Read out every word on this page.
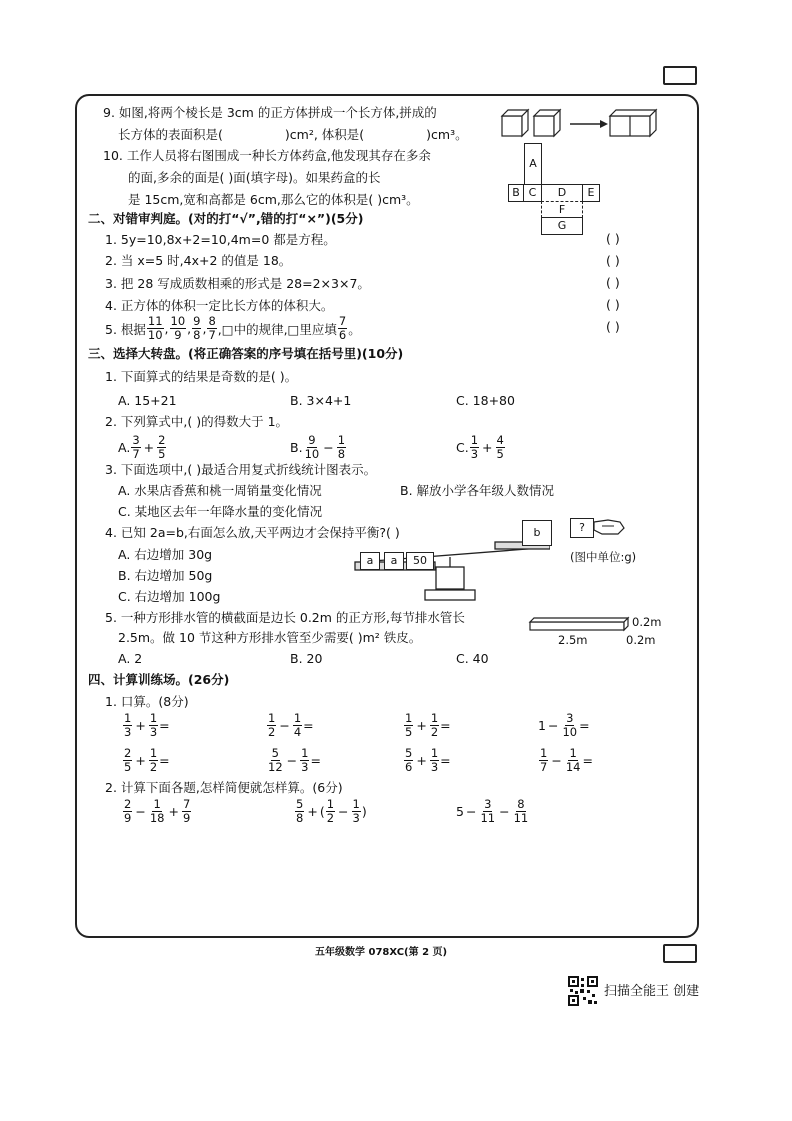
9. 如图,将两个棱长是 3cm 的正方体拼成一个长方体,拼成的
长方体的表面积是(	)cm², 体积是(	)cm³。
10. 工作人员将右图围成一种长方体药盒,他发现其存在多余
的面,多余的面是( )面(填字母)。如果药盒的长
是 15cm,宽和高都是 6cm,那么它的体积是( )cm³。
A
B C	D	E
F
G
二、对错审判庭。(对的打“√”,错的打“×”)(5分)
1. 5y=10,8x+2=10,4m=0 都是方程。
2. 当 x=5 时,4x+2 的值是 18。
3. 把 28 写成质数相乘的形式是 28=2×3×7。
4. 正方体的体积一定比长方体的体积大。
5. 根据 $\frac{11}{10}$ , $\frac{10}{9}$ , $\frac{9}{8}$ , $\frac{8}{7}$ ,□中的规律,□里应填 $\frac{7}{6}$ 。
( )
( )
( )
( )
( )
三、选择大转盘。(将正确答案的序号填在括号里)(10分)
1. 下面算式的结果是奇数的是( )。
A. 15+21	B. 3×4+1	C. 18+80
2. 下列算式中,( )的得数大于 1。
A. $\frac{3}{7} + \frac{2}{5}$	B. $\frac{9}{10} - \frac{1}{8}$	C. $\frac{1}{3} + \frac{4}{5}$
3. 下面选项中,( )最适合用复式折线统计图表示。
A. 水果店香蕉和桃一周销量变化情况	B. 解放小学各年级人数情况
C. 某地区去年一年降水量的变化情况
4. 已知 2a=b,右面怎么放,天平两边才会保持平衡?( )
A. 右边增加 30g
B. 右边增加 50g
C. 右边增加 100g
a	a	50
b	?
(图中单位:g)
5. 一种方形排水管的横截面是边长 0.2m 的正方形,每节排水管长
2.5m。做 10 节这种方形排水管至少需要( )m² 铁皮。
A. 2	B. 20	C. 40
0.2m
2.5m	0.2m
四、计算训练场。(26分)
1. 口算。(8分)
$\frac{1}{3} + \frac{1}{3}$ =	$\frac{1}{2} - \frac{1}{4}$ =	$\frac{1}{5} + \frac{1}{2}$ =	$1 - \frac{3}{10}$ =
$\frac{2}{5} + \frac{1}{2}$ =	$\frac{5}{12} - \frac{1}{3}$ =	$\frac{5}{6} + \frac{1}{3}$ =	$\frac{1}{7} - \frac{1}{14}$ =
2. 计算下面各题,怎样简便就怎样算。(6分)
$\frac{2}{9} - \frac{1}{18} + \frac{7}{9}$	$\frac{5}{8}$ + ( $\frac{1}{2} - \frac{1}{3}$ )	$5 - \frac{3}{11} - \frac{8}{11}$
五年级数学 078XC(第 2 页)
扫描全能王 创建
